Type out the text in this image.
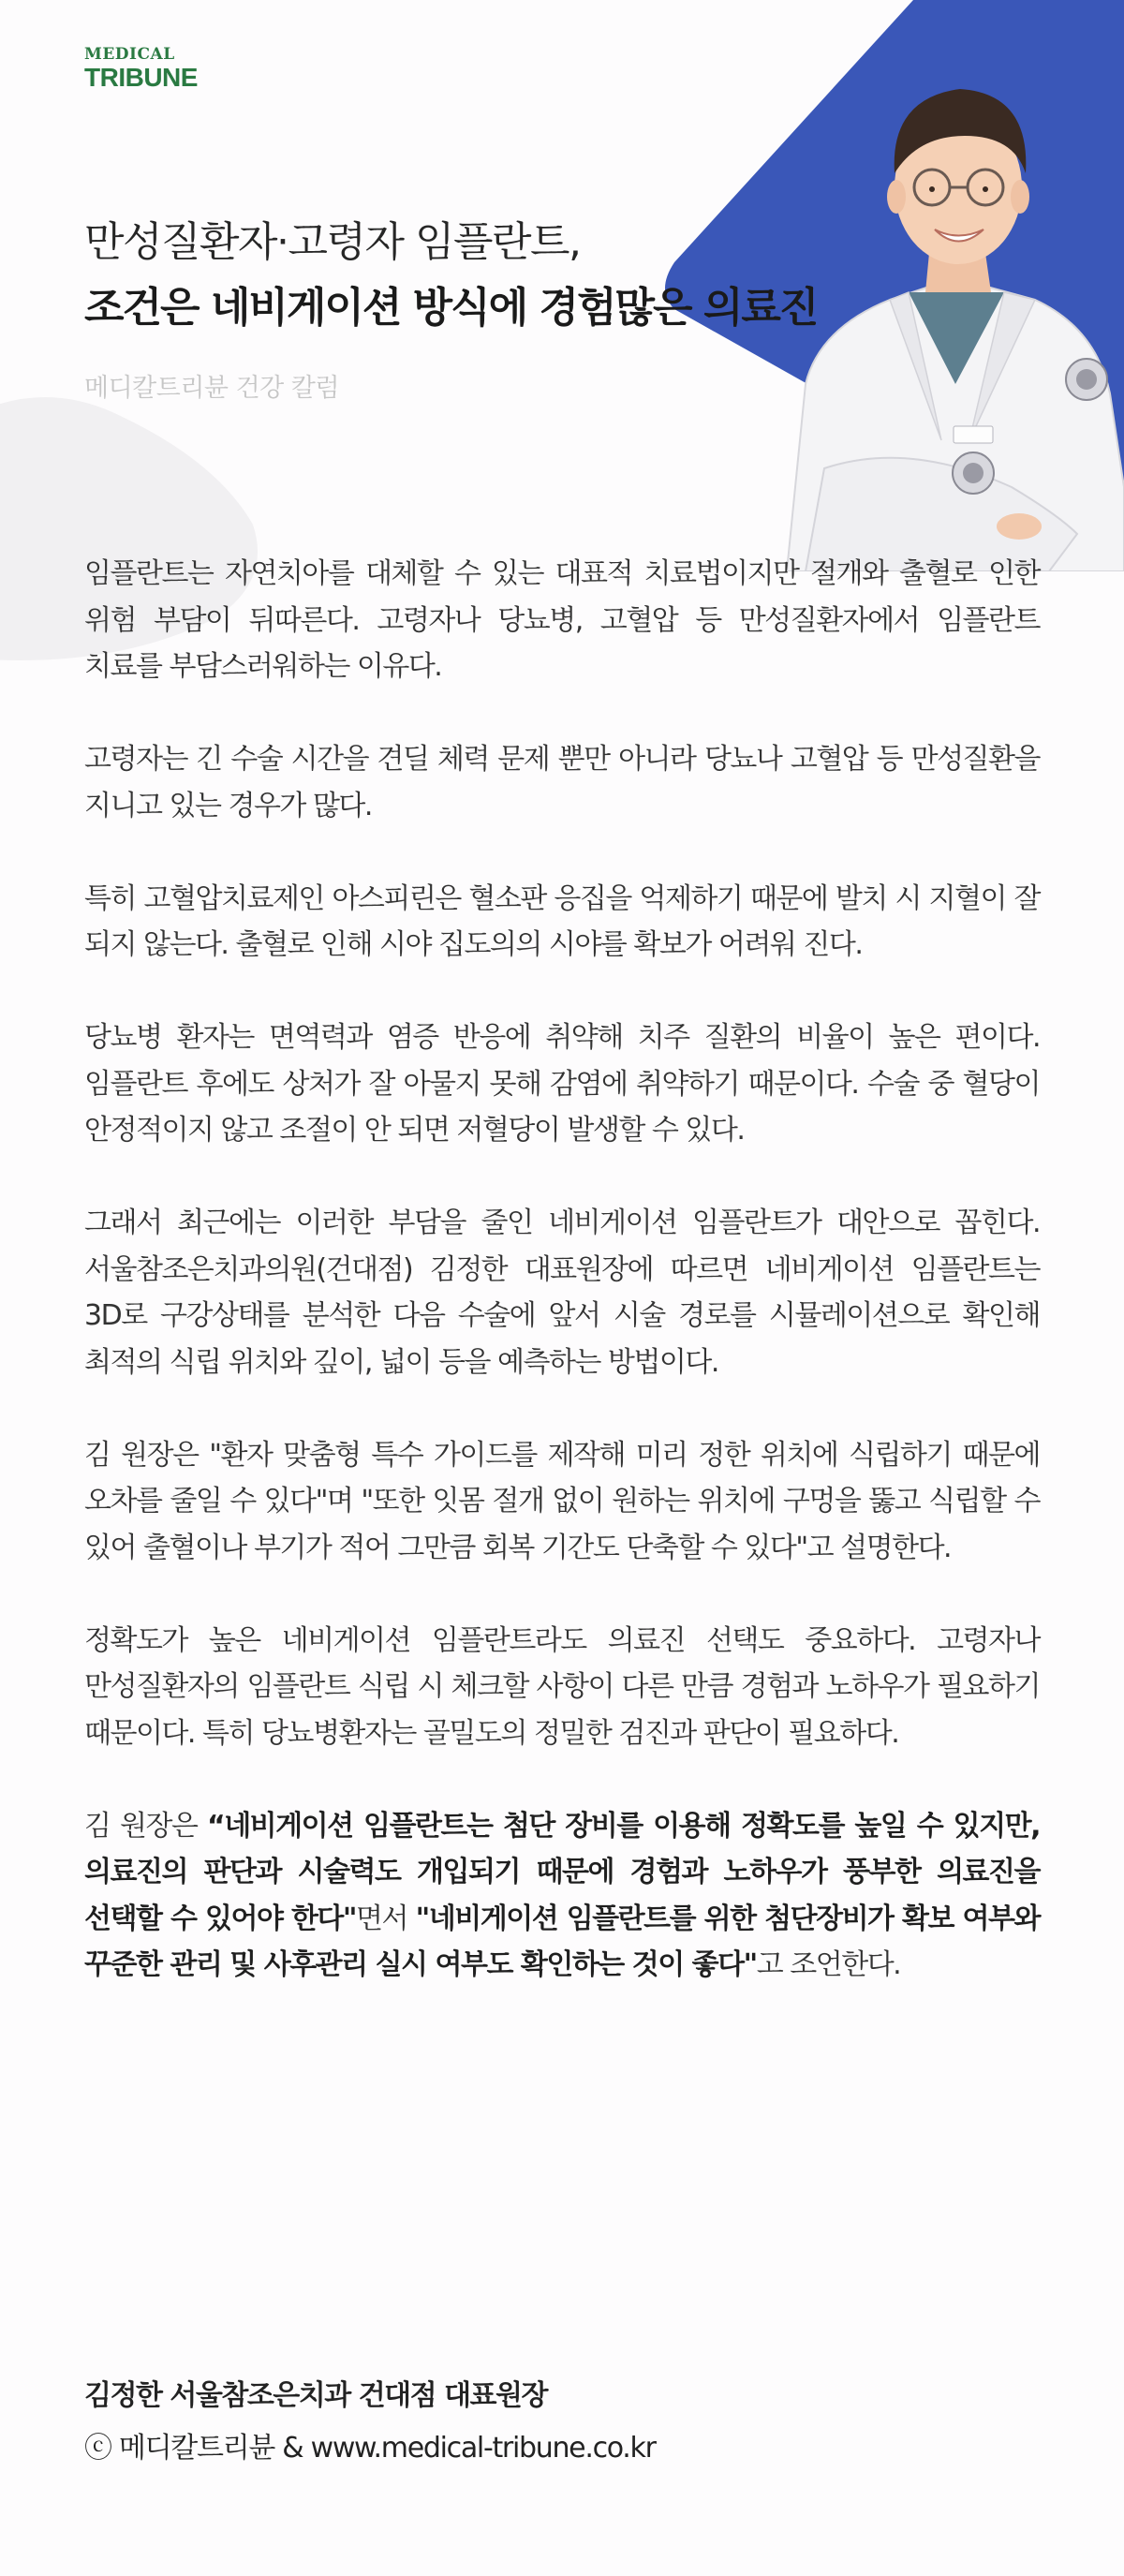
MEDICAL
TRIBUNE
만성질환자·고령자 임플란트,
조건은 네비게이션 방식에 경험많은 의료진
메디칼트리뷴 건강 칼럼

임플란트는 자연치아를 대체할 수 있는 대표적 치료법이지만 절개와 출혈로 인한 위험 부담이 뒤따른다. 고령자나 당뇨병, 고혈압 등 만성질환자에서 임플란트 치료를 부담스러워하는 이유다.

고령자는 긴 수술 시간을 견딜 체력 문제 뿐만 아니라 당뇨나 고혈압 등 만성질환을 지니고 있는 경우가 많다.

특히 고혈압치료제인 아스피린은 혈소판 응집을 억제하기 때문에 발치 시 지혈이 잘 되지 않는다. 출혈로 인해 시야 집도의의 시야를 확보가 어려워 진다.

당뇨병 환자는 면역력과 염증 반응에 취약해 치주 질환의 비율이 높은 편이다. 임플란트 후에도 상처가 잘 아물지 못해 감염에 취약하기 때문이다. 수술 중 혈당이 안정적이지 않고 조절이 안 되면 저혈당이 발생할 수 있다.

그래서 최근에는 이러한 부담을 줄인 네비게이션 임플란트가 대안으로 꼽힌다. 서울참조은치과의원(건대점) 김정한 대표원장에 따르면 네비게이션 임플란트는 3D로 구강상태를 분석한 다음 수술에 앞서 시술 경로를 시뮬레이션으로 확인해 최적의 식립 위치와 깊이, 넓이 등을 예측하는 방법이다.

김 원장은 "환자 맞춤형 특수 가이드를 제작해 미리 정한 위치에 식립하기 때문에 오차를 줄일 수 있다"며 "또한 잇몸 절개 없이 원하는 위치에 구멍을 뚫고 식립할 수 있어 출혈이나 부기가 적어 그만큼 회복 기간도 단축할 수 있다"고 설명한다.

정확도가 높은 네비게이션 임플란트라도 의료진 선택도 중요하다. 고령자나 만성질환자의 임플란트 식립 시 체크할 사항이 다른 만큼 경험과 노하우가 필요하기 때문이다. 특히 당뇨병환자는 골밀도의 정밀한 검진과 판단이 필요하다.

김 원장은 “네비게이션 임플란트는 첨단 장비를 이용해 정확도를 높일 수 있지만, 의료진의 판단과 시술력도 개입되기 때문에 경험과 노하우가 풍부한 의료진을 선택할 수 있어야 한다"면서 "네비게이션 임플란트를 위한 첨단장비가 확보 여부와 꾸준한 관리 및 사후관리 실시 여부도 확인하는 것이 좋다"고 조언한다.

김정한 서울참조은치과 건대점 대표원장
ⓒ 메디칼트리뷴 & www.medical-tribune.co.kr
